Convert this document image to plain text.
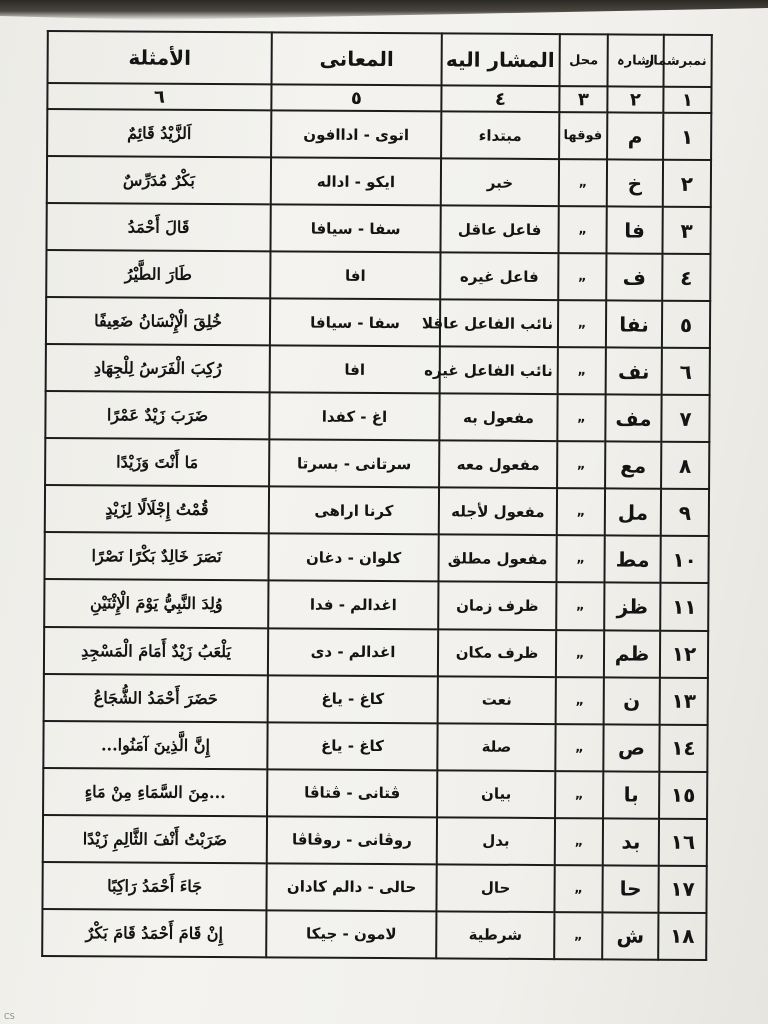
نمبرشمار	اشارہ	محل	المشار اليه	المعانى	الأمثلة
١	٢	٣	٤	٥	٦
١	م	فوقها	مبتداء	اتوى - اداافون	اَلزَّيْدُ قَائِمٌ
٢	خ	„	خبر	ايكو - اداله	بَكْرٌ مُدَرِّسٌ
٣	فا	„	فاعل عاقل	سفا - سيافا	قَالَ أَحْمَدُ
٤	ف	„	فاعل غيره	افا	طَارَ الطَّيْرُ
٥	نفا	„	نائب الفاعل عاقلا	سفا - سيافا	خُلِقَ الْإِنْسَانُ ضَعِيفًا
٦	نف	„	نائب الفاعل غيره	افا	رُكِبَ الْفَرَسُ لِلْجِهَادِ
٧	مف	„	مفعول به	اغ - كفدا	ضَرَبَ زَيْدٌ عَمْرًا
٨	مع	„	مفعول معه	سرتانى - بسرتا	مَا أَنْتَ وَزَيْدًا
٩	مل	„	مفعول لأجله	كرنا اراهى	قُمْتُ إِجْلَالًا لِزَيْدٍ
١٠	مط	„	مفعول مطلق	كلوان - دغان	نَصَرَ خَالِدٌ بَكْرًا نَصْرًا
١١	ظز	„	ظرف زمان	اغدالم - فدا	وُلِدَ النَّبِيُّ يَوْمَ الْإِثْنَيْنِ
١٢	ظم	„	ظرف مكان	اغدالم - دى	يَلْعَبُ زَيْدٌ أَمَامَ الْمَسْجِدِ
١٣	ن	„	نعت	كاغ - ياغ	حَضَرَ أَحْمَدُ الشُّجَاعُ
١٤	ص	„	صلة	كاغ - ياغ	إِنَّ الَّذِينَ آمَنُوا...
١٥	با	„	بيان	ڤتانى - ڤتاڤا	...مِنَ السَّمَاءِ مِنْ مَاءٍ
١٦	بد	„	بدل	روڤانى - روڤاڤا	ضَرَبْتُ أَنْفَ الثَّالِمِ زَيْدًا
١٧	حا	„	حال	حالى - دالم كادان	جَاءَ أَحْمَدُ رَاكِبًا
١٨	ش	„	شرطية	لامون - جيكا	إِنْ قَامَ أَحْمَدُ قَامَ بَكْرٌ
CS
